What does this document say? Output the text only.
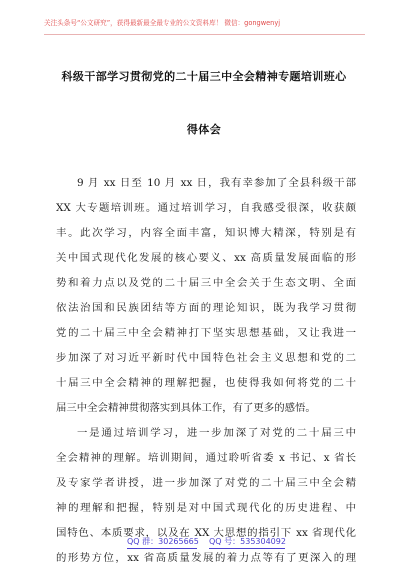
关注头条号“公文研究”，获得最新最全最专业的公文资料库！ 微信：gongwenyj
科级干部学习贯彻党的二十届三中全会精神专题培训班心
得体会
9 月 xx 日至 10 月 xx 日，我有幸参加了全县科级干部
XX 大专题培训班。通过培训学习，自我感受很深，收获颇
丰。此次学习，内容全面丰富，知识博大精深，特别是有
关中国式现代化发展的核心要义、xx 高质量发展面临的形
势和着力点以及党的二十届三中全会关于生态文明、全面
依法治国和民族团结等方面的理论知识，既为我学习贯彻
党的二十届三中全会精神打下坚实思想基础，又让我进一
步加深了对习近平新时代中国特色社会主义思想和党的二
十届三中全会精神的理解把握，也使得我如何将党的二十
届三中全会精神贯彻落实到具体工作，有了更多的感悟。
一是通过培训学习，进一步加深了对党的二十届三中
全会精神的理解。培训期间，通过聆听省委 x 书记、x 省长
及专家学者讲授，进一步加深了对党的二十届三中全会精
神的理解和把握，特别是对中国式现代化的历史进程、中
国特色、本质要求，以及在 XX 大思想的指引下 xx 省现代化
的形势方位，xx 省高质量发展的着力点等有了更深入的理
QQ 群：30265665 QQ 号：535304092
